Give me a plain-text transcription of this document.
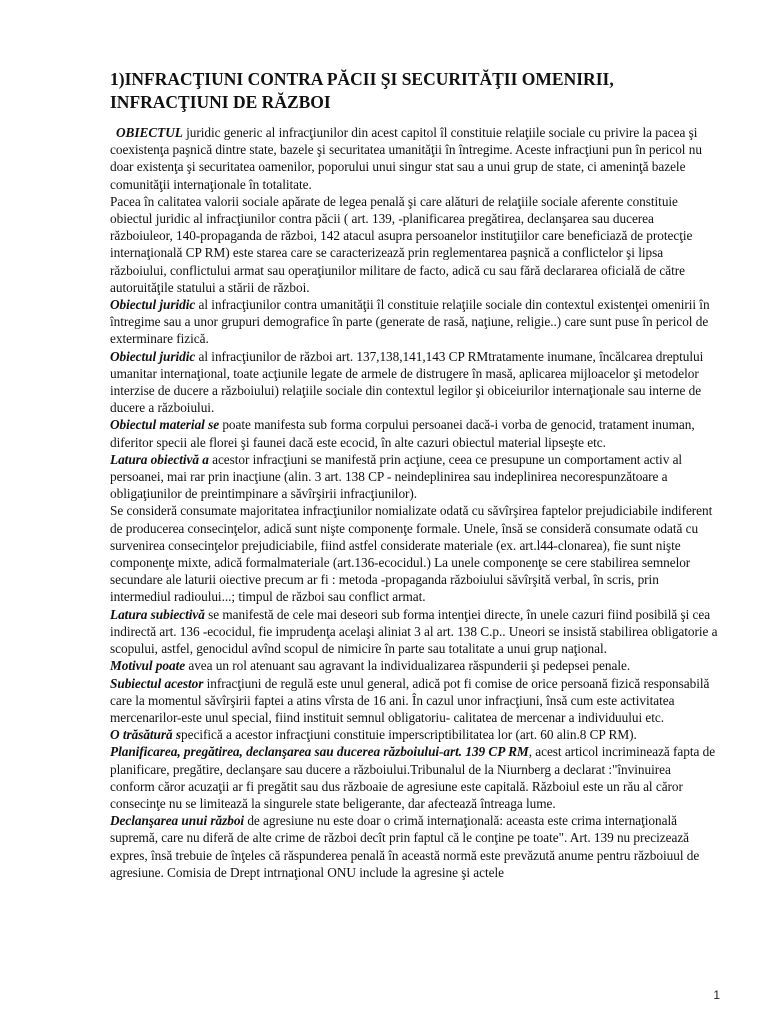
1)INFRACŢIUNI CONTRA PĂCII ŞI SECURITĂŢII OMENIRII, INFRACŢIUNI DE RĂZBOI

OBIECTUL juridic generic al infracţiunilor din acest capitol îl constituie relaţiile sociale cu privire la pacea şi coexistenţa paşnică dintre state, bazele şi securitatea umanităţii în întregime. Aceste infracţiuni pun în pericol nu doar existenţa şi securitatea oamenilor, poporului unui singur stat sau a unui grup de state, ci ameninţă bazele comunităţii internaţionale în totalitate.

Pacea în calitatea valorii sociale apărate de legea penală şi care alături de relaţiile sociale aferente constituie obiectul juridic al infracţiunilor contra păcii ( art. 139, -planificarea pregătirea, declanşarea sau ducerea războiuleor, 140-propaganda de război, 142 atacul asupra persoanelor instituţiilor care beneficiază de protecţie internaţională CP RM) este starea care se caracterizează prin reglementarea paşnică a conflictelor şi lipsa războiului, conflictului armat sau operaţiunilor militare de facto, adică cu sau fără declararea oficială de către autoruităţile statului a stării de război.

Obiectul juridic al infracţiunilor contra umanităţii îl constituie relaţiile sociale din contextul existenţei omenirii în întregime sau a unor grupuri demografice în parte (generate de rasă, naţiune, religie..) care sunt puse în pericol de exterminare fizică.

Obiectul juridic al infracţiunilor de război art. 137,138,141,143 CP RMtratamente inumane, încălcarea dreptului umanitar internaţional, toate acţiunile legate de armele de distrugere în masă, aplicarea mijloacelor şi metodelor interzise de ducere a războiului) relaţiile sociale din contextul legilor şi obiceiurilor internaţionale sau interne de ducere a războiului.

Obiectul material se poate manifesta sub forma corpului persoanei dacă-i vorba de genocid, tratament inuman, diferitor specii ale florei şi faunei dacă este ecocid, în alte cazuri obiectul material lipseşte etc.

Latura obiectivă a acestor infracţiuni se manifestă prin acţiune, ceea ce presupune un comportament activ al persoanei, mai rar prin inacţiune (alin. 3 art. 138 CP - neindeplinirea sau indeplinirea necorespunzătoare a obligaţiunilor de preintimpinare a săvîrşirii infracţiunilor).

Se consideră consumate majoritatea infracţiunilor nomializate odată cu săvîrşirea faptelor prejudiciabile indiferent de producerea consecinţelor, adică sunt nişte componenţe formale. Unele, însă se consideră consumate odată cu survenirea consecinţelor prejudiciabile, fiind astfel considerate materiale (ex. art.l44-clonarea), fie sunt nişte componenţe mixte, adică formalmateriale (art.136-ecocidul.) La unele componenţe se cere stabilirea semnelor secundare ale laturii oiective precum ar fi : metoda -propaganda războiului săvîrşită verbal, în scris, prin intermediul radioului...; timpul de război sau conflict armat.

Latura subiectivă se manifestă de cele mai deseori sub forma intenţiei directe, în unele cazuri fiind posibilă şi cea indirectă art. 136 -ecocidul, fie imprudenţa acelaşi aliniat 3 al art. 138 C.p.. Uneori se insistă stabilirea obligatorie a scopului, astfel, genocidul avînd scopul de nimicire în parte sau totalitate a unui grup naţional.

Motivul poate avea un rol atenuant sau agravant la individualizarea răspunderii şi pedepsei penale.

Subiectul acestor infracţiuni de regulă este unul general, adică pot fi comise de orice persoană fizică responsabilă care la momentul săvîrşirii faptei a atins vîrsta de 16 ani. În cazul unor infracţiuni, însă cum este activitatea mercenarilor-este unul special, fiind instituit semnul obligatoriu- calitatea de mercenar a individuului etc.

O trăsătură specifică a acestor infracţiuni constituie imperscriptibilitatea lor (art. 60 alin.8 CP RM).

Planificarea, pregătirea, declanşarea sau ducerea războiului-art. 139 CP RM, acest articol incriminează fapta de planificare, pregătire, declanşare sau ducere a războiului.Tribunalul de la Niurnberg a declarat :"învinuirea conform căror acuzaţii ar fi pregătit sau dus războaie de agresiune este capitală. Războiul este un rău al căror consecinţe nu se limitează la singurele state beligerante, dar afectează întreaga lume.

Declanşarea unui război de agresiune nu este doar o crimă internaţională: aceasta este crima internaţională supremă, care nu diferă de alte crime de război decît prin faptul că le conţine pe toate". Art. 139 nu precizează expres, însă trebuie de înţeles că răspunderea penală în această normă este prevăzută anume pentru războiuul de agresiune. Comisia de Drept intrnaţional ONU include la agresine şi actele

1
